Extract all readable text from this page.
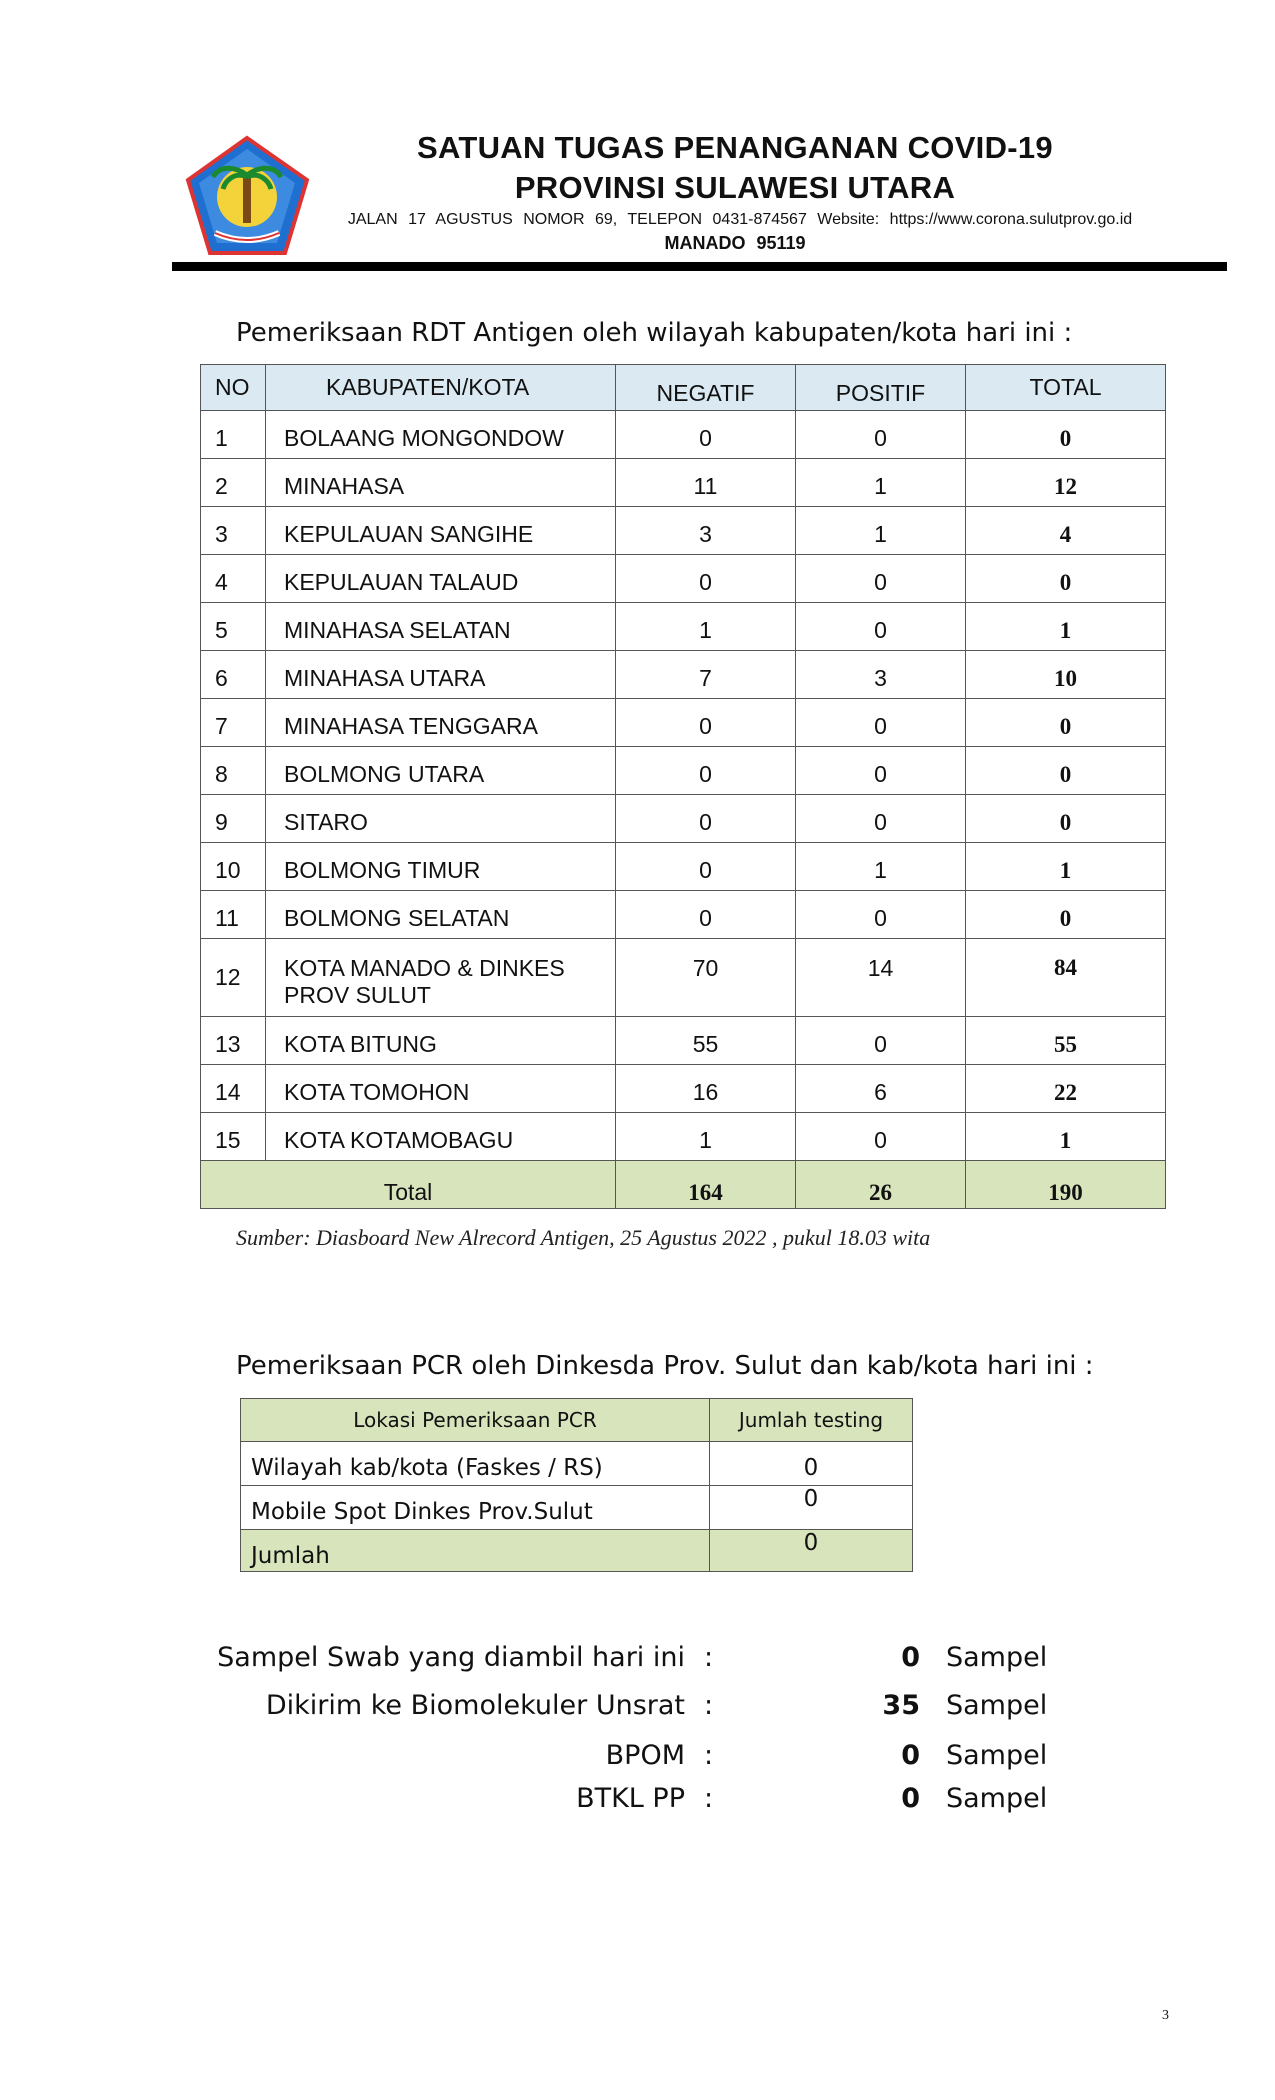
SATUAN TUGAS PENANGANAN COVID-19
PROVINSI SULAWESI UTARA
JALAN 17 AGUSTUS NOMOR 69, TELEPON 0431-874567 Website: https://www.corona.sulutprov.go.id
MANADO 95119
Pemeriksaan RDT Antigen oleh wilayah kabupaten/kota hari ini :
NO	KABUPATEN/KOTA	NEGATIF	POSITIF	TOTAL
1	BOLAANG MONGONDOW	0	0	0
2	MINAHASA	11	1	12
3	KEPULAUAN SANGIHE	3	1	4
4	KEPULAUAN TALAUD	0	0	0
5	MINAHASA SELATAN	1	0	1
6	MINAHASA UTARA	7	3	10
7	MINAHASA TENGGARA	0	0	0
8	BOLMONG UTARA	0	0	0
9	SITARO	0	0	0
10	BOLMONG TIMUR	0	1	1
11	BOLMONG SELATAN	0	0	0
12	KOTA MANADO & DINKES PROV SULUT	70	14	84
13	KOTA BITUNG	55	0	55
14	KOTA TOMOHON	16	6	22
15	KOTA KOTAMOBAGU	1	0	1
Total		164	26	190
Sumber: Diasboard New Alrecord Antigen, 25 Agustus 2022 , pukul 18.03 wita
Pemeriksaan PCR oleh Dinkesda Prov. Sulut dan kab/kota hari ini :
Lokasi Pemeriksaan PCR	Jumlah testing
Wilayah kab/kota (Faskes / RS)	0
Mobile Spot Dinkes Prov.Sulut	0
Jumlah	0
Sampel Swab yang diambil hari ini :	0 Sampel
Dikirim ke Biomolekuler Unsrat :	35 Sampel
BPOM :	0 Sampel
BTKL PP :	0 Sampel
3
